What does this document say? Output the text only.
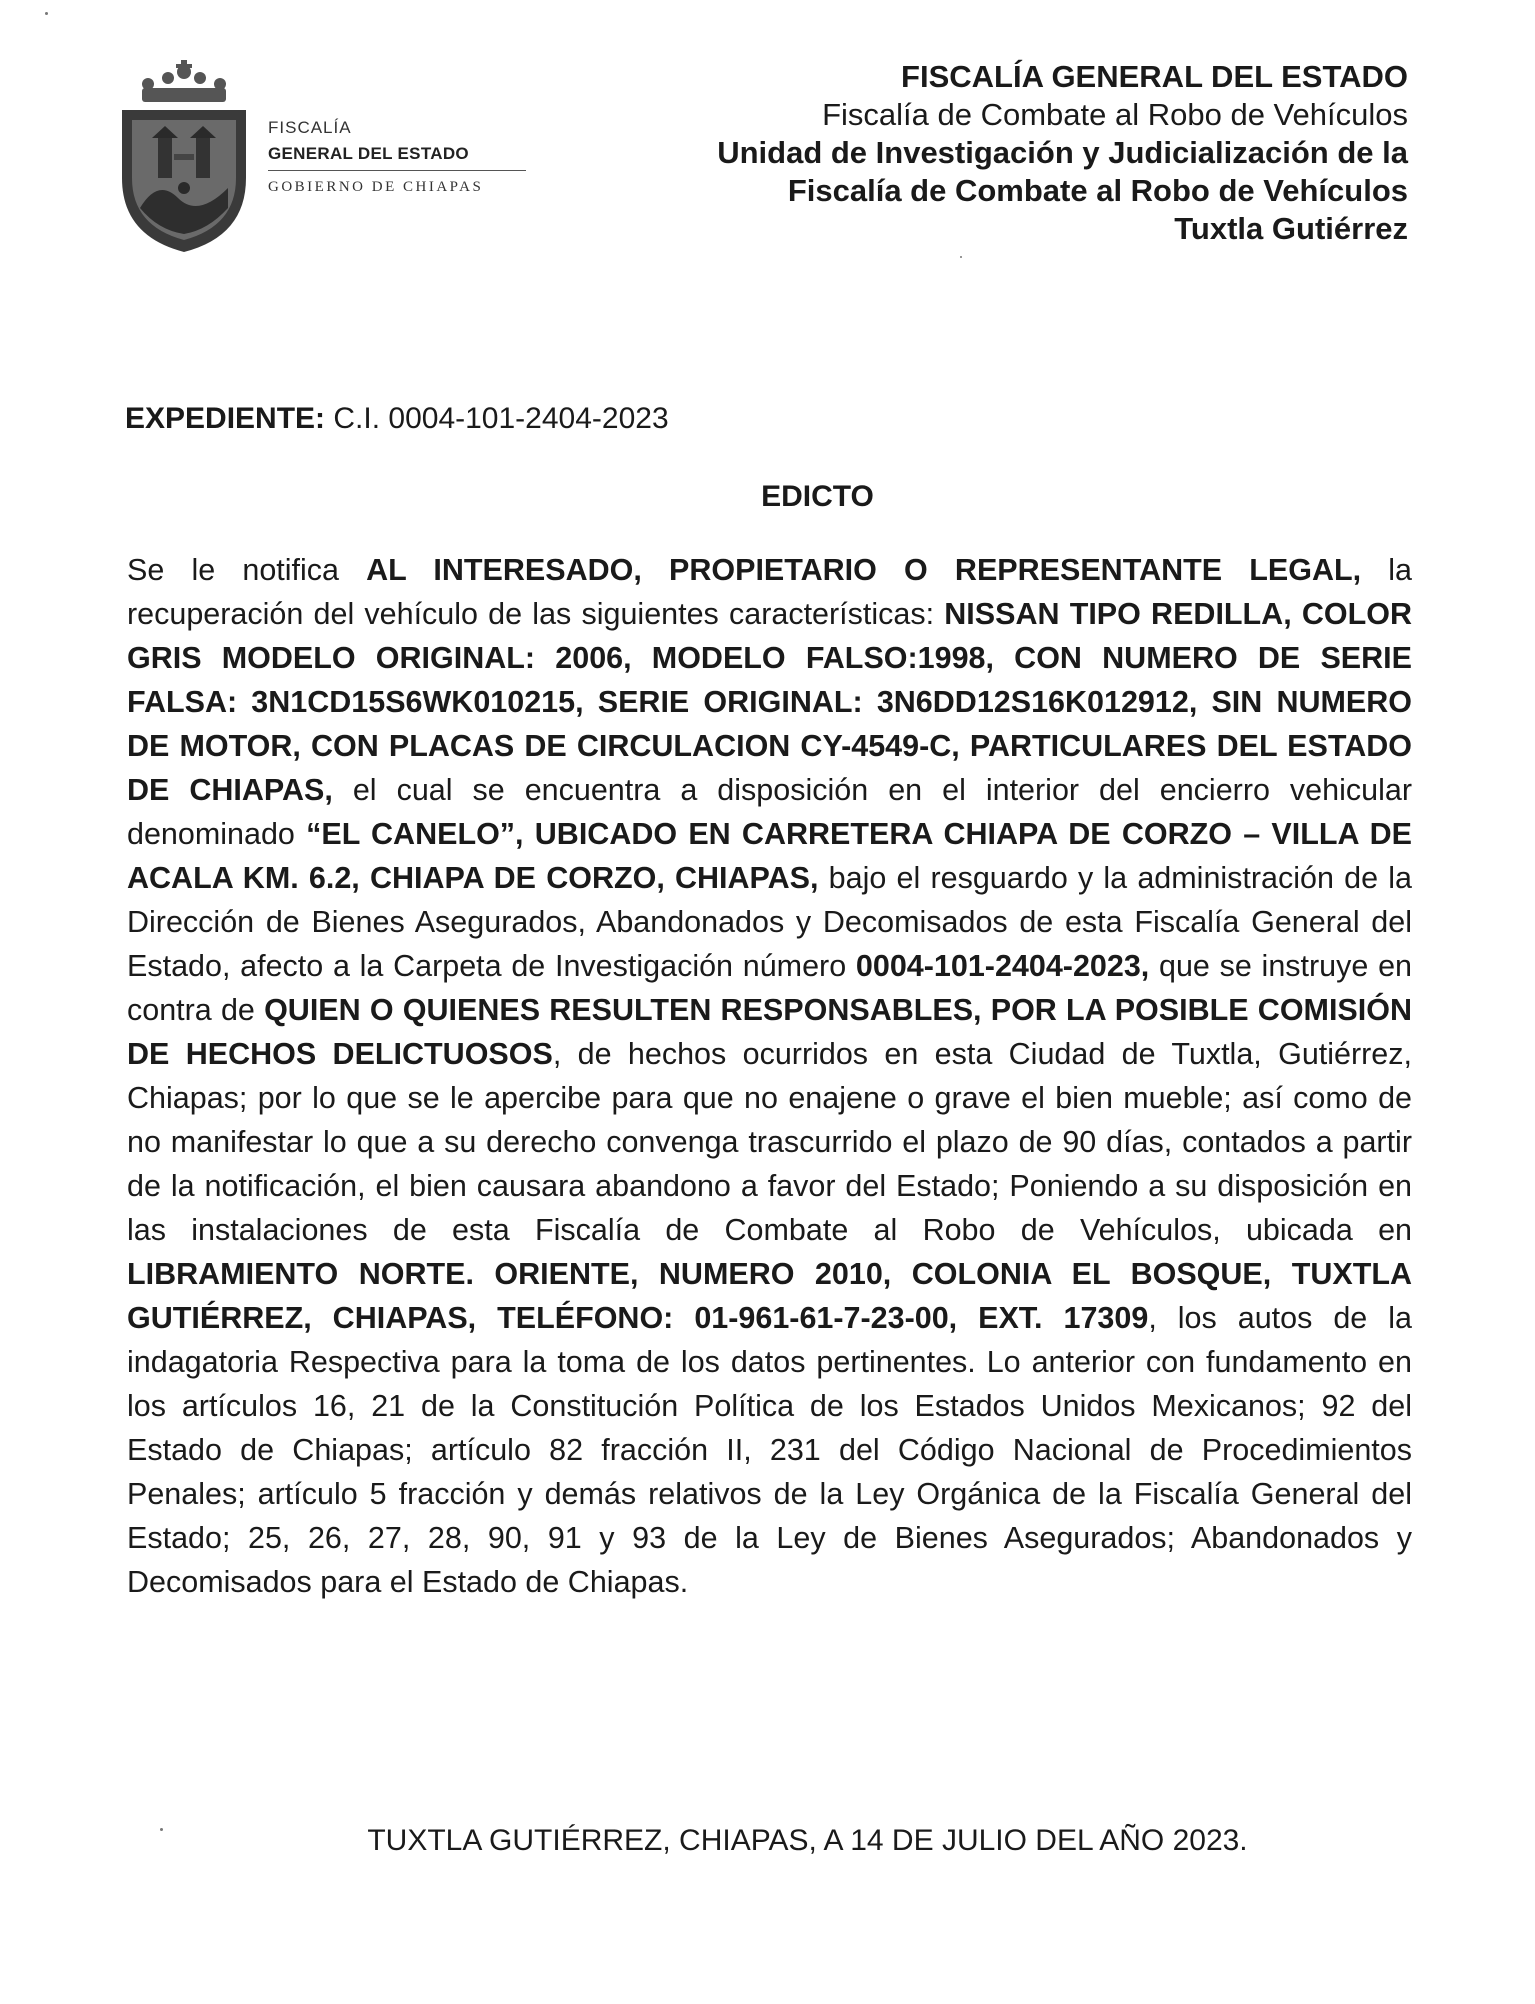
FISCALÍA
GENERAL DEL ESTADO
GOBIERNO DE CHIAPAS
FISCALÍA GENERAL DEL ESTADO
Fiscalía de Combate al Robo de Vehículos
Unidad de Investigación y Judicialización de la
Fiscalía de Combate al Robo de Vehículos
Tuxtla Gutiérrez
EXPEDIENTE: C.I. 0004-101-2404-2023
EDICTO
Se le notifica AL INTERESADO, PROPIETARIO O REPRESENTANTE LEGAL, la recuperación del vehículo de las siguientes características: NISSAN TIPO REDILLA, COLOR GRIS MODELO ORIGINAL: 2006, MODELO FALSO:1998, CON NUMERO DE SERIE FALSA: 3N1CD15S6WK010215, SERIE ORIGINAL: 3N6DD12S16K012912, SIN NUMERO DE MOTOR, CON PLACAS DE CIRCULACION CY-4549-C, PARTICULARES DEL ESTADO DE CHIAPAS, el cual se encuentra a disposición en el interior del encierro vehicular denominado “EL CANELO”, UBICADO EN CARRETERA CHIAPA DE CORZO – VILLA DE ACALA KM. 6.2, CHIAPA DE CORZO, CHIAPAS, bajo el resguardo y la administración de la Dirección de Bienes Asegurados, Abandonados y Decomisados de esta Fiscalía General del Estado, afecto a la Carpeta de Investigación número 0004-101-2404-2023, que se instruye en contra de QUIEN O QUIENES RESULTEN RESPONSABLES, POR LA POSIBLE COMISIÓN DE HECHOS DELICTUOSOS, de hechos ocurridos en esta Ciudad de Tuxtla, Gutiérrez, Chiapas; por lo que se le apercibe para que no enajene o grave el bien mueble; así como de no manifestar lo que a su derecho convenga trascurrido el plazo de 90 días, contados a partir de la notificación, el bien causara abandono a favor del Estado; Poniendo a su disposición en las instalaciones de esta Fiscalía de Combate al Robo de Vehículos, ubicada en LIBRAMIENTO NORTE. ORIENTE, NUMERO 2010, COLONIA EL BOSQUE, TUXTLA GUTIÉRREZ, CHIAPAS, TELÉFONO: 01-961-61-7-23-00, EXT. 17309, los autos de la indagatoria Respectiva para la toma de los datos pertinentes. Lo anterior con fundamento en los artículos 16, 21 de la Constitución Política de los Estados Unidos Mexicanos; 92 del Estado de Chiapas; artículo 82 fracción II, 231 del Código Nacional de Procedimientos Penales; artículo 5 fracción y demás relativos de la Ley Orgánica de la Fiscalía General del Estado; 25, 26, 27, 28, 90, 91 y 93 de la Ley de Bienes Asegurados; Abandonados y Decomisados para el Estado de Chiapas.
TUXTLA GUTIÉRREZ, CHIAPAS, A 14 DE JULIO DEL AÑO 2023.
